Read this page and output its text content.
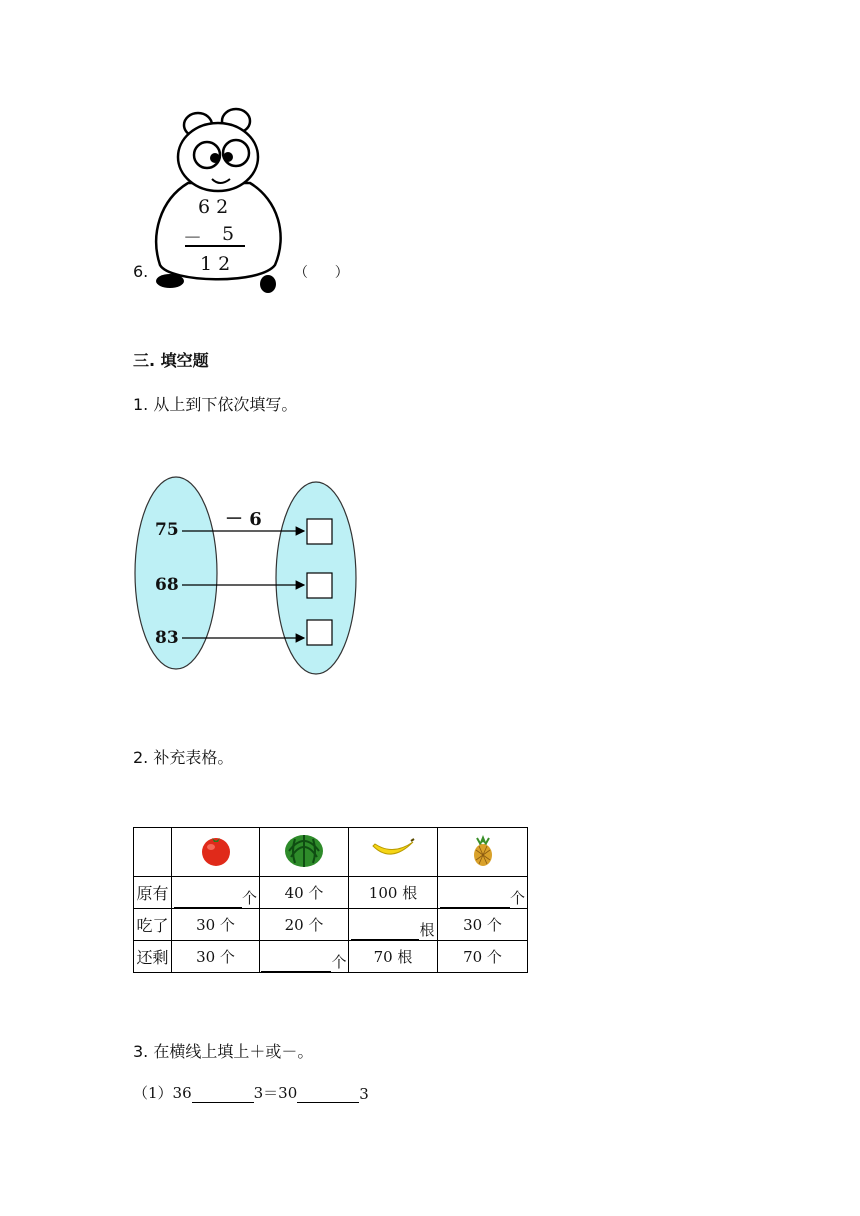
6 2
－ 5
1 2
6.	（      ）
三. 填空题
1. 从上到下依次填写。
－ 6
75
68
83
2. 补充表格。

原有	个	40 个	100 根	个

吃了	30 个	20 个	根	30 个
还剩	30 个	个	70 根	70 个
3. 在横线上填上＋或－。
（1）36	3＝30	3
